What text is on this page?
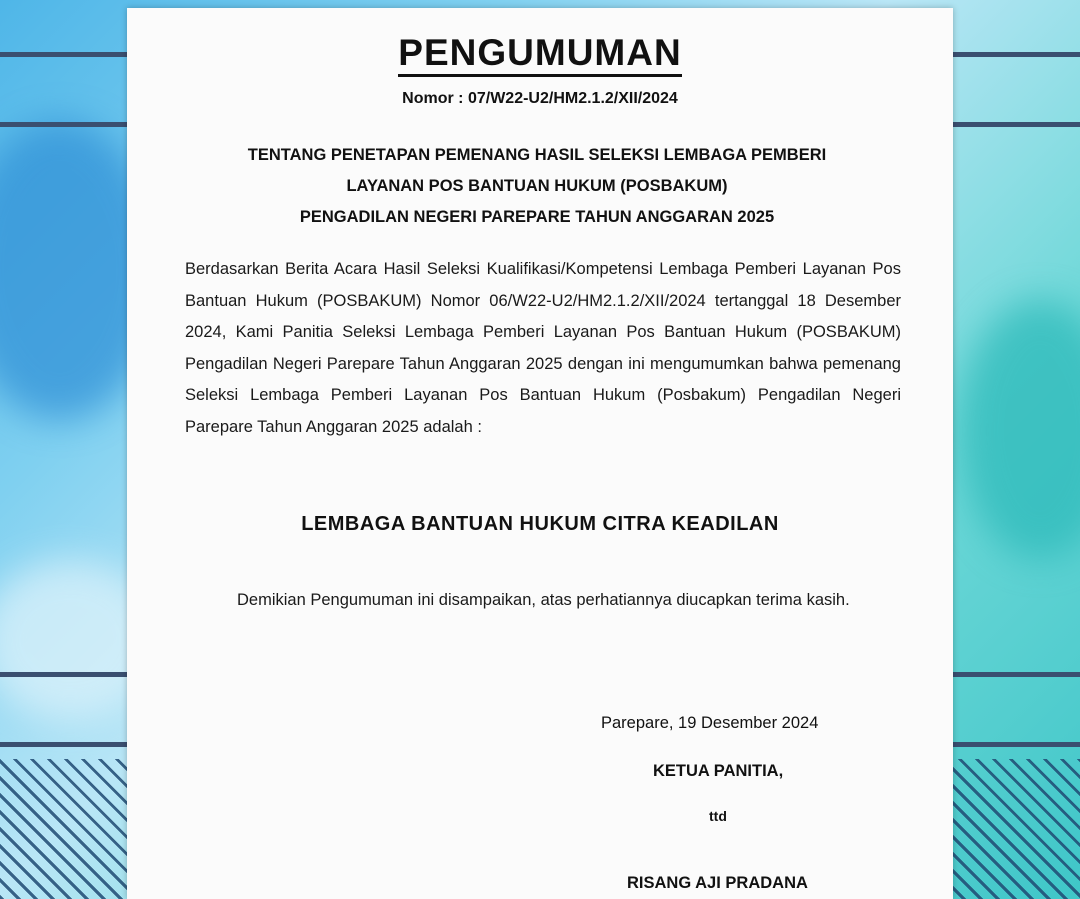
PENGUMUMAN
Nomor : 07/W22-U2/HM2.1.2/XII/2024
TENTANG PENETAPAN PEMENANG HASIL SELEKSI LEMBAGA PEMBERI
LAYANAN POS BANTUAN HUKUM (POSBAKUM)
PENGADILAN NEGERI PAREPARE TAHUN ANGGARAN 2025
Berdasarkan Berita Acara Hasil Seleksi Kualifikasi/Kompetensi Lembaga Pemberi Layanan Pos Bantuan Hukum (POSBAKUM) Nomor 06/W22-U2/HM2.1.2/XII/2024 tertanggal 18 Desember 2024, Kami Panitia Seleksi Lembaga Pemberi Layanan Pos Bantuan Hukum (POSBAKUM) Pengadilan Negeri Parepare Tahun Anggaran 2025 dengan ini mengumumkan bahwa pemenang Seleksi Lembaga Pemberi Layanan Pos Bantuan Hukum (Posbakum) Pengadilan Negeri Parepare Tahun Anggaran 2025 adalah :
LEMBAGA BANTUAN HUKUM CITRA KEADILAN
Demikian Pengumuman ini disampaikan, atas perhatiannya diucapkan terima kasih.
Parepare, 19 Desember 2024
KETUA PANITIA,
ttd
RISANG AJI PRADANA
